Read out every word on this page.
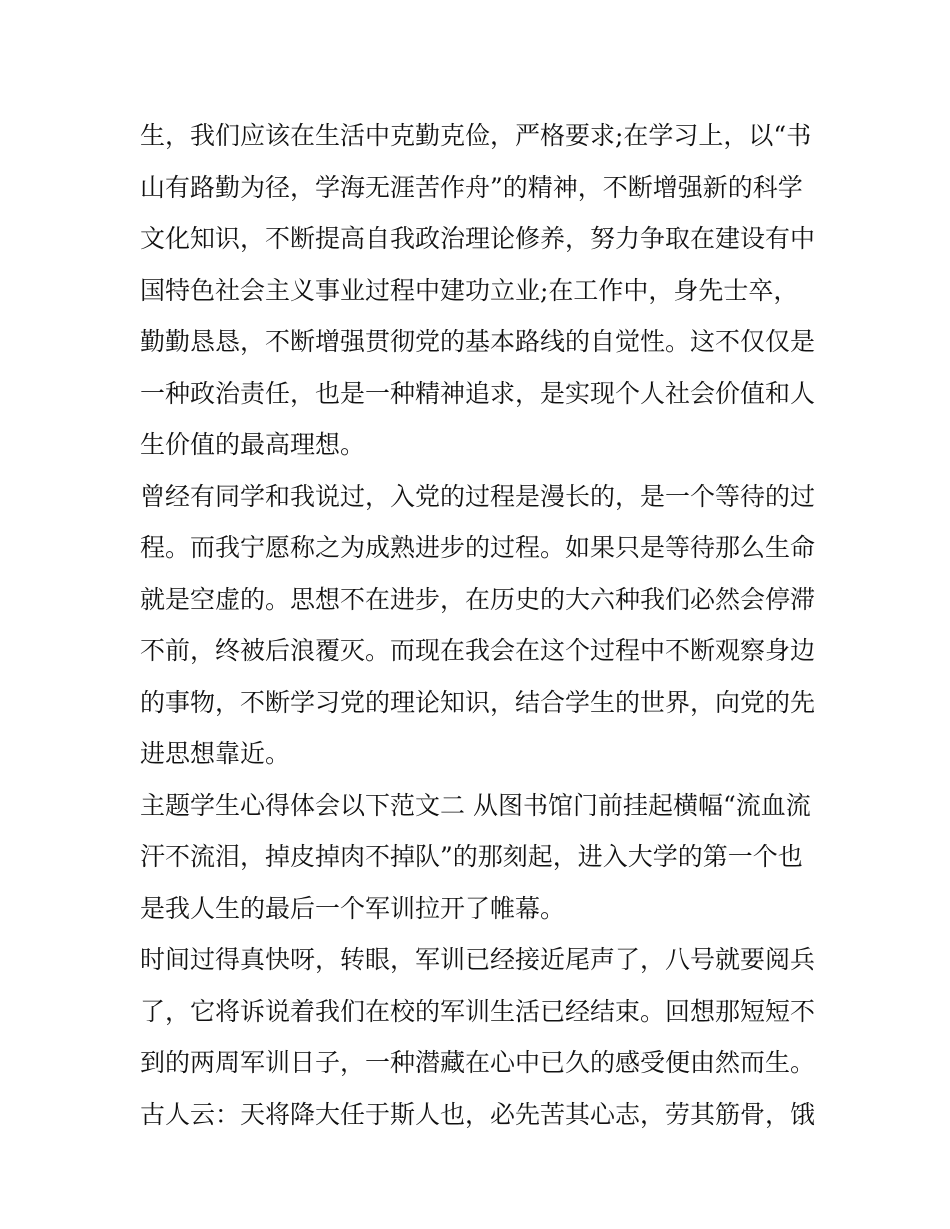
生，我们应该在生活中克勤克俭，严格要求;在学习上，以“书
山有路勤为径，学海无涯苦作舟”的精神，不断增强新的科学
文化知识，不断提高自我政治理论修养，努力争取在建设有中
国特色社会主义事业过程中建功立业;在工作中，身先士卒，
勤勤恳恳，不断增强贯彻党的基本路线的自觉性。这不仅仅是
一种政治责任，也是一种精神追求，是实现个人社会价值和人
生价值的最高理想。
曾经有同学和我说过，入党的过程是漫长的，是一个等待的过
程。而我宁愿称之为成熟进步的过程。如果只是等待那么生命
就是空虚的。思想不在进步，在历史的大六种我们必然会停滞
不前，终被后浪覆灭。而现在我会在这个过程中不断观察身边
的事物，不断学习党的理论知识，结合学生的世界，向党的先
进思想靠近。
主题学生心得体会以下范文二 从图书馆门前挂起横幅“流血流
汗不流泪，掉皮掉肉不掉队”的那刻起，进入大学的第一个也
是我人生的最后一个军训拉开了帷幕。
时间过得真快呀，转眼，军训已经接近尾声了，八号就要阅兵
了，它将诉说着我们在校的军训生活已经结束。回想那短短不
到的两周军训日子，一种潜藏在心中已久的感受便由然而生。
古人云：天将降大任于斯人也，必先苦其心志，劳其筋骨，饿
